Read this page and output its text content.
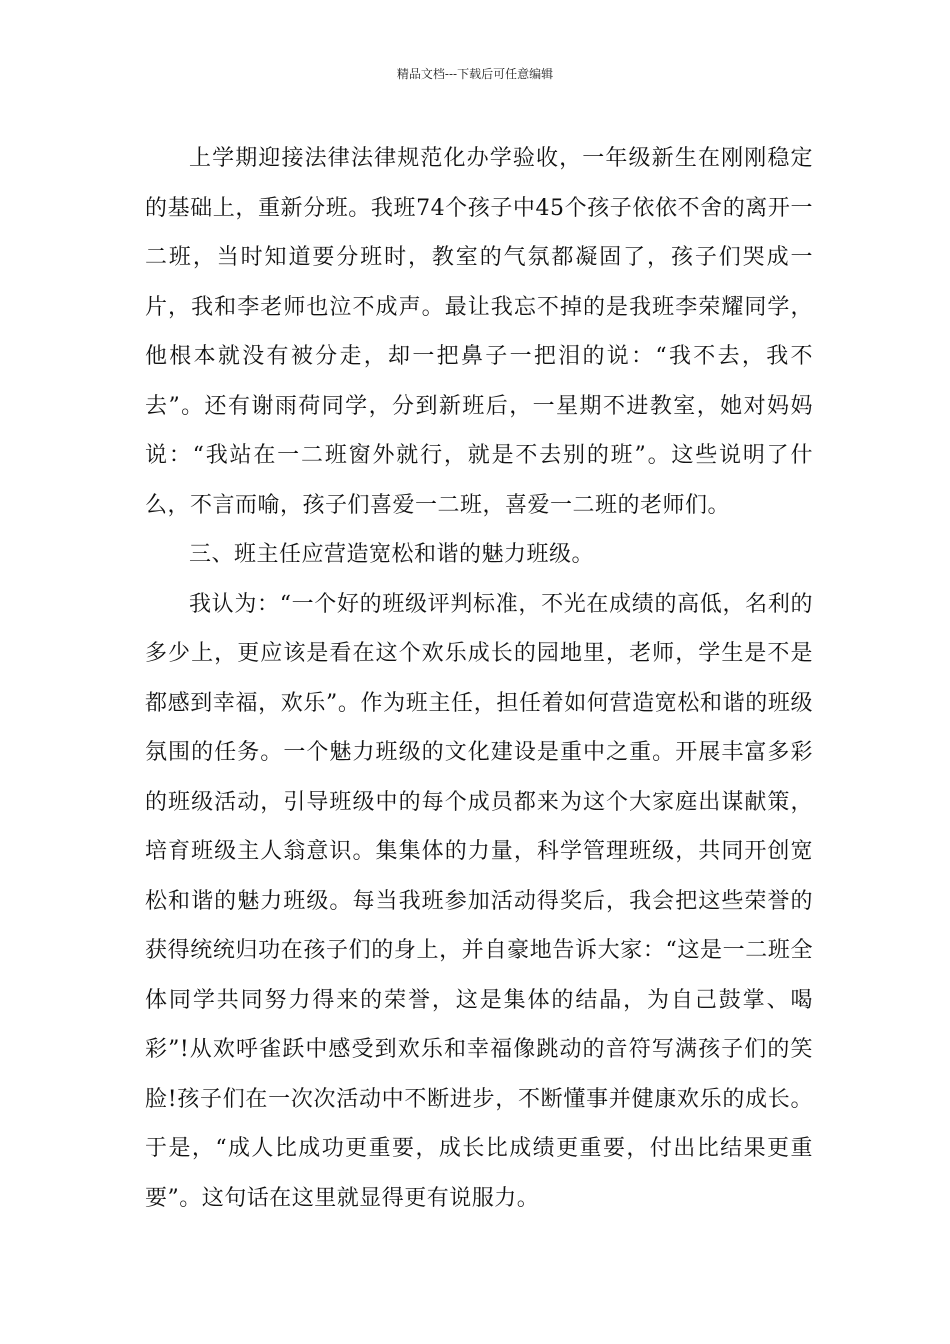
精品文档---下载后可任意编辑

上学期迎接法律法律规范化办学验收，一年级新生在刚刚稳定的基础上，重新分班。我班74个孩子中45个孩子依依不舍的离开一二班，当时知道要分班时，教室的气氛都凝固了，孩子们哭成一片，我和李老师也泣不成声。最让我忘不掉的是我班李荣耀同学，他根本就没有被分走，却一把鼻子一把泪的说：“我不去，我不去”。还有谢雨荷同学，分到新班后，一星期不进教室，她对妈妈说：“我站在一二班窗外就行，就是不去别的班”。这些说明了什么，不言而喻，孩子们喜爱一二班，喜爱一二班的老师们。

三、班主任应营造宽松和谐的魅力班级。

我认为：“一个好的班级评判标准，不光在成绩的高低，名利的多少上，更应该是看在这个欢乐成长的园地里，老师，学生是不是都感到幸福，欢乐”。作为班主任，担任着如何营造宽松和谐的班级氛围的任务。一个魅力班级的文化建设是重中之重。开展丰富多彩的班级活动，引导班级中的每个成员都来为这个大家庭出谋献策，培育班级主人翁意识。集集体的力量，科学管理班级，共同开创宽松和谐的魅力班级。每当我班参加活动得奖后，我会把这些荣誉的获得统统归功在孩子们的身上，并自豪地告诉大家：“这是一二班全体同学共同努力得来的荣誉，这是集体的结晶，为自己鼓掌、喝彩”!从欢呼雀跃中感受到欢乐和幸福像跳动的音符写满孩子们的笑脸!孩子们在一次次活动中不断进步，不断懂事并健康欢乐的成长。于是，“成人比成功更重要，成长比成绩更重要，付出比结果更重要”。这句话在这里就显得更有说服力。
